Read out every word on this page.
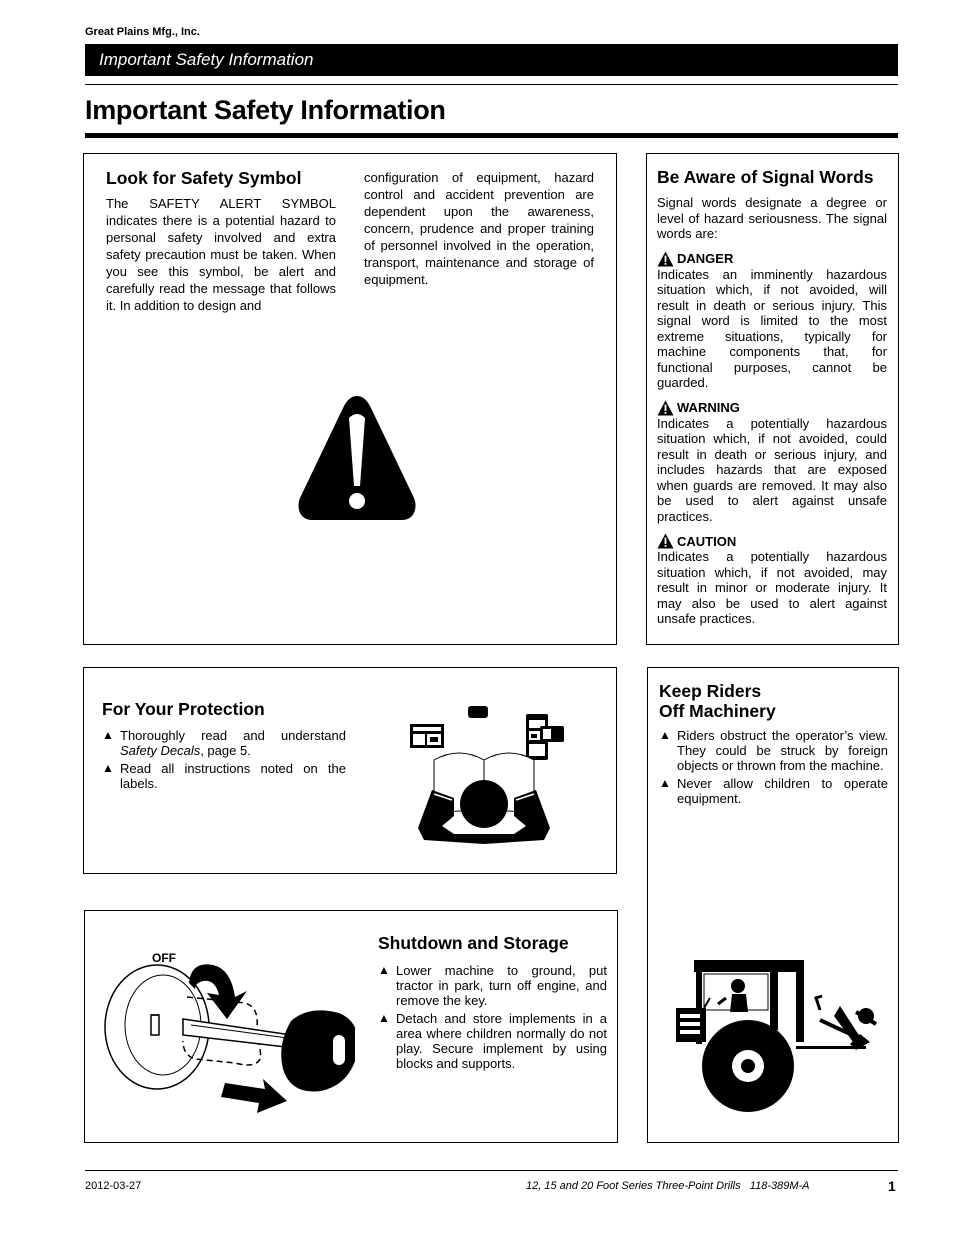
Great Plains Mfg., Inc.
Important Safety Information
Important Safety Information
Look for Safety Symbol

The SAFETY ALERT SYMBOL indicates there is a potential hazard to personal safety involved and extra safety precaution must be taken. When you see this symbol, be alert and carefully read the message that follows it. In addition to design and

configuration of equipment, hazard control and accident prevention are dependent upon the awareness, concern, prudence and proper training of personnel involved in the operation, transport, maintenance and storage of equipment.

Be Aware of Signal Words

Signal words designate a degree or level of hazard seriousness. The signal words are:

DANGER

Indicates an imminently hazardous situation which, if not avoided, will result in death or serious injury. This signal word is limited to the most extreme situations, typically for machine components that, for functional purposes, cannot be guarded.

WARNING

Indicates a potentially hazardous situation which, if not avoided, could result in death or serious injury, and includes hazards that are exposed when guards are removed. It may also be used to alert against unsafe practices.

CAUTION

Indicates a potentially hazardous situation which, if not avoided, may result in minor or moderate injury. It may also be used to alert against unsafe practices.

For Your Protection
▲ Thoroughly read and understand Safety Decals, page 5.
▲ Read all instructions noted on the labels.
Keep Riders
Off Machinery
▲ Riders obstruct the operator’s view. They could be struck by foreign objects or thrown from the machine.
▲ Never allow children to operate equipment.
OFF
Shutdown and Storage
▲ Lower machine to ground, put tractor in park, turn off engine, and remove the key.
▲ Detach and store implements in a area where children normally do not play. Secure implement by using blocks and supports.
2012-03-27	12, 15 and 20 Foot Series Three-Point Drills   118-389M-A	1
